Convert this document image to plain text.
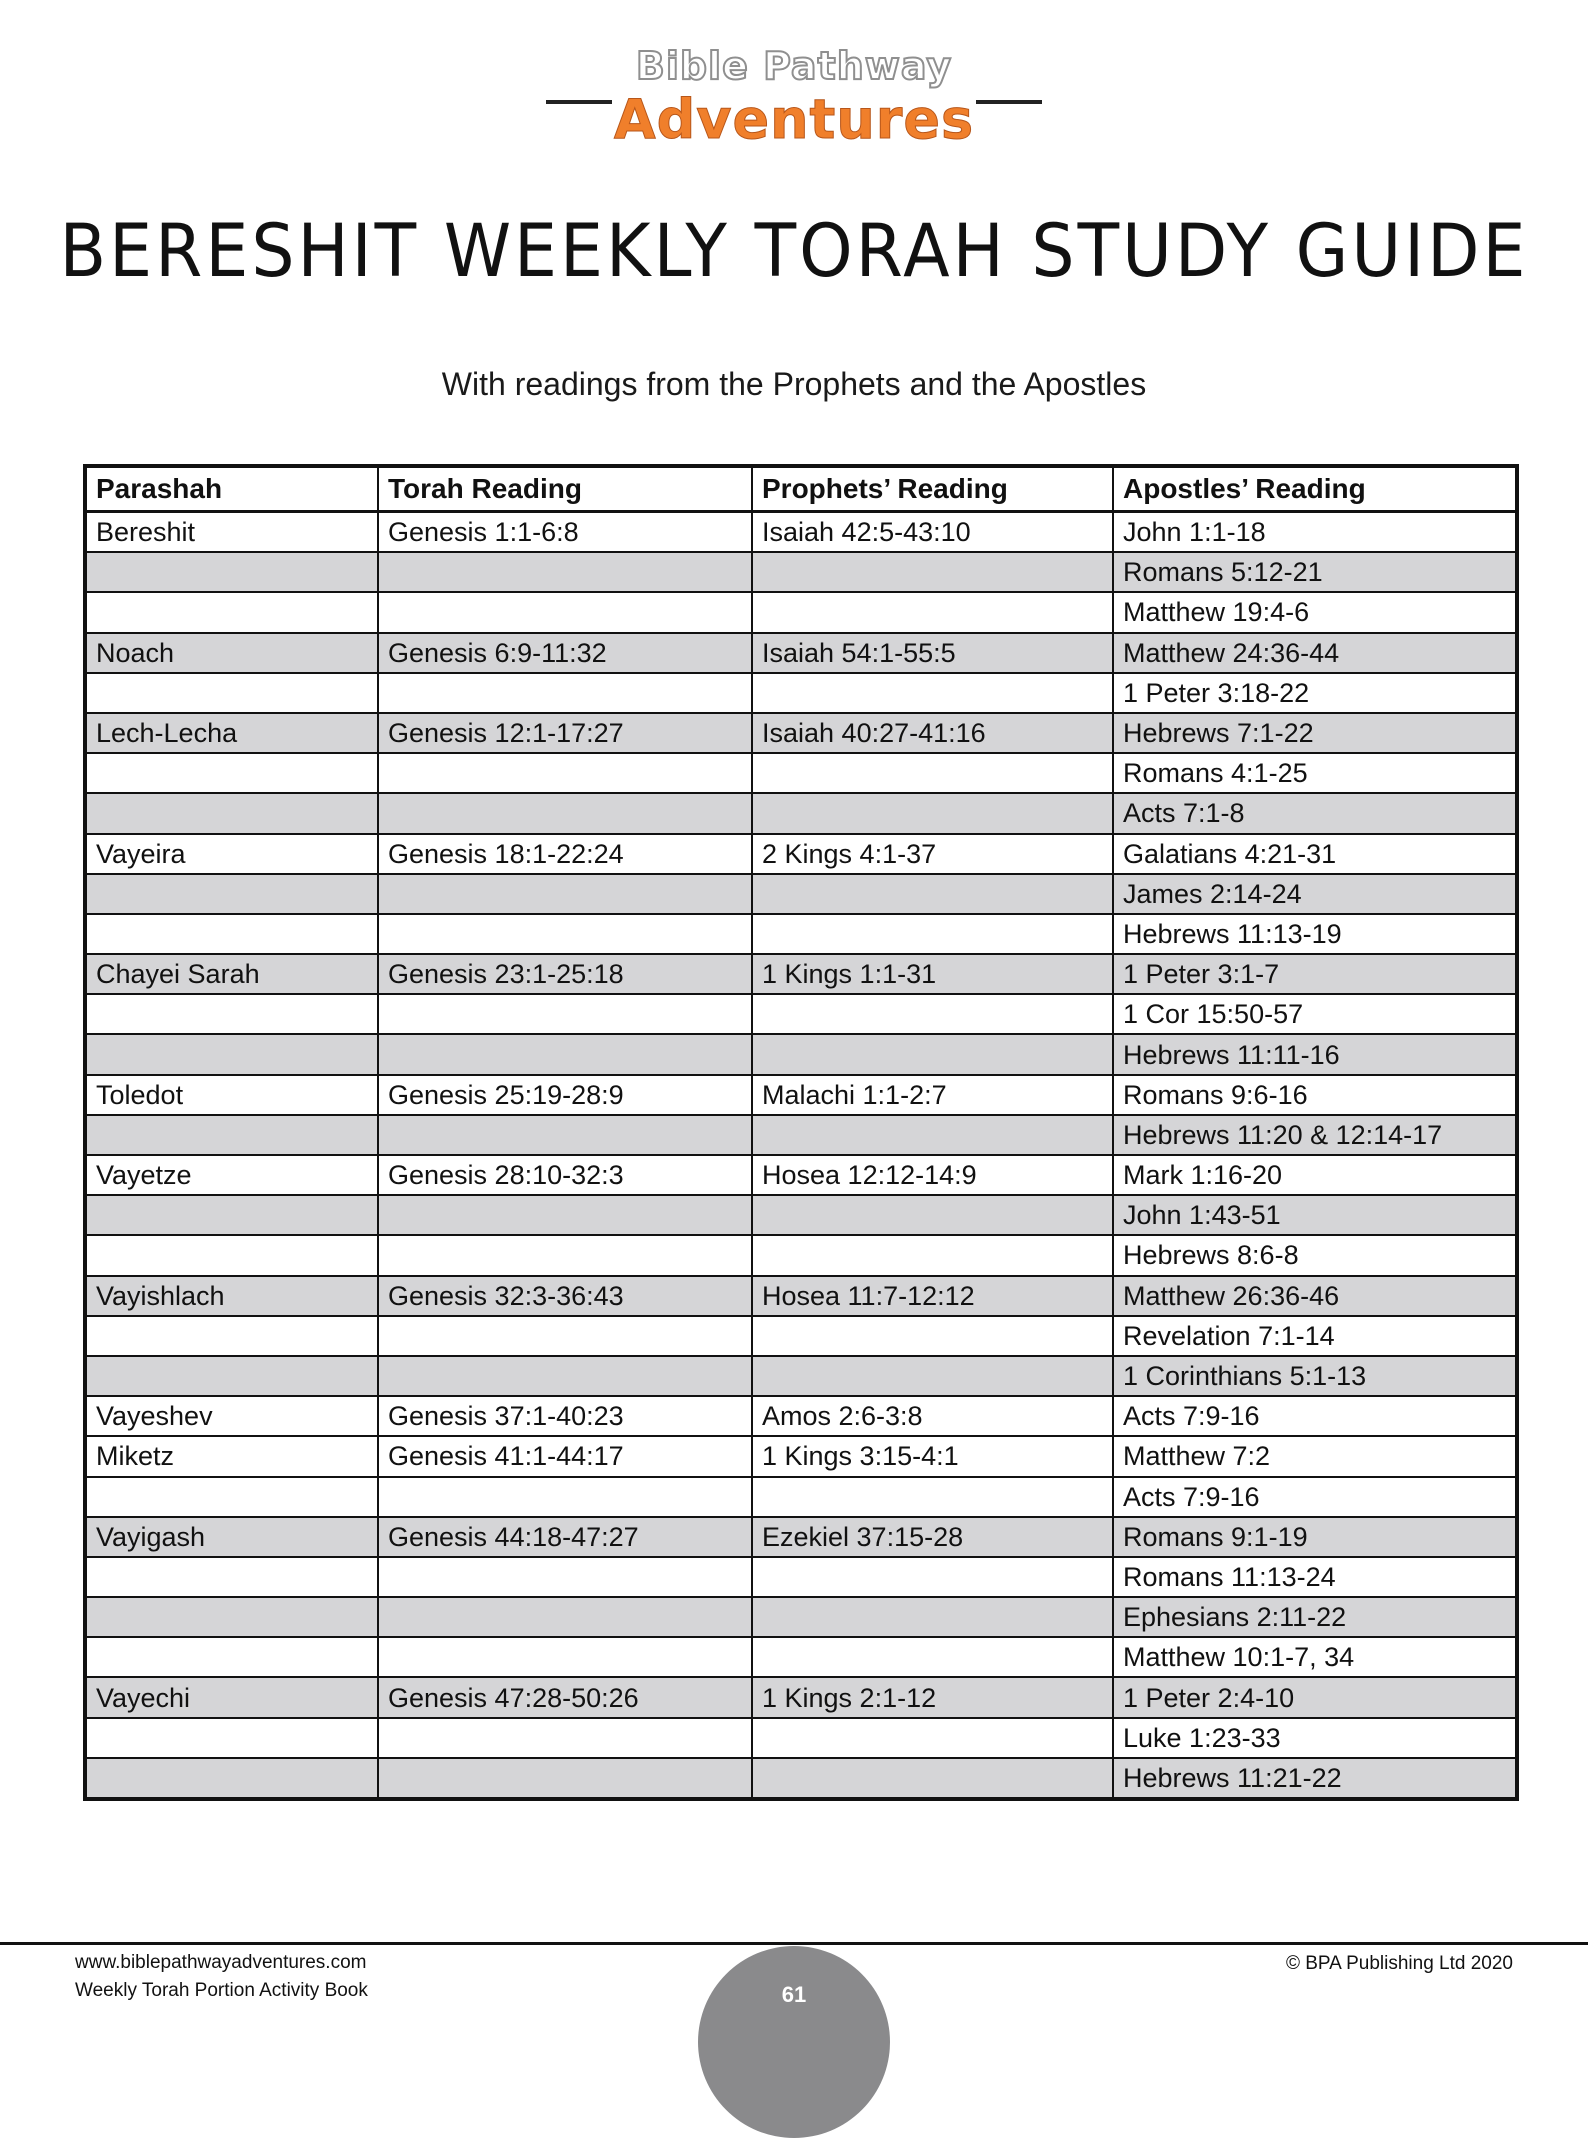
Bible Pathway
Adventures
BERESHIT WEEKLY TORAH STUDY GUIDE
With readings from the Prophets and the Apostles
Parashah	Torah Reading	Prophets’ Reading	Apostles’ Reading
Bereshit	Genesis 1:1-6:8	Isaiah 42:5-43:10	John 1:1-18
			Romans 5:12-21
			Matthew 19:4-6
Noach	Genesis 6:9-11:32	Isaiah 54:1-55:5	Matthew 24:36-44
			1 Peter 3:18-22
Lech-Lecha	Genesis 12:1-17:27	Isaiah 40:27-41:16	Hebrews 7:1-22
			Romans 4:1-25
			Acts 7:1-8
Vayeira	Genesis 18:1-22:24	2 Kings 4:1-37	Galatians 4:21-31
			James 2:14-24
			Hebrews 11:13-19
Chayei Sarah	Genesis 23:1-25:18	1 Kings 1:1-31	1 Peter 3:1-7
			1 Cor 15:50-57
			Hebrews 11:11-16
Toledot	Genesis 25:19-28:9	Malachi 1:1-2:7	Romans 9:6-16
			Hebrews 11:20 & 12:14-17
Vayetze	Genesis 28:10-32:3	Hosea 12:12-14:9	Mark 1:16-20
			John 1:43-51
			Hebrews 8:6-8
Vayishlach	Genesis 32:3-36:43	Hosea 11:7-12:12	Matthew 26:36-46
			Revelation 7:1-14
			1 Corinthians 5:1-13
Vayeshev	Genesis 37:1-40:23	Amos 2:6-3:8	Acts 7:9-16
Miketz	Genesis 41:1-44:17	1 Kings 3:15-4:1	Matthew 7:2
			Acts 7:9-16
Vayigash	Genesis 44:18-47:27	Ezekiel 37:15-28	Romans 9:1-19
			Romans 11:13-24
			Ephesians 2:11-22
			Matthew 10:1-7, 34
Vayechi	Genesis 47:28-50:26	1 Kings 2:1-12	1 Peter 2:4-10
			Luke 1:23-33
			Hebrews 11:21-22
www.biblepathwayadventures.com
Weekly Torah Portion Activity Book
© BPA Publishing Ltd 2020
61
